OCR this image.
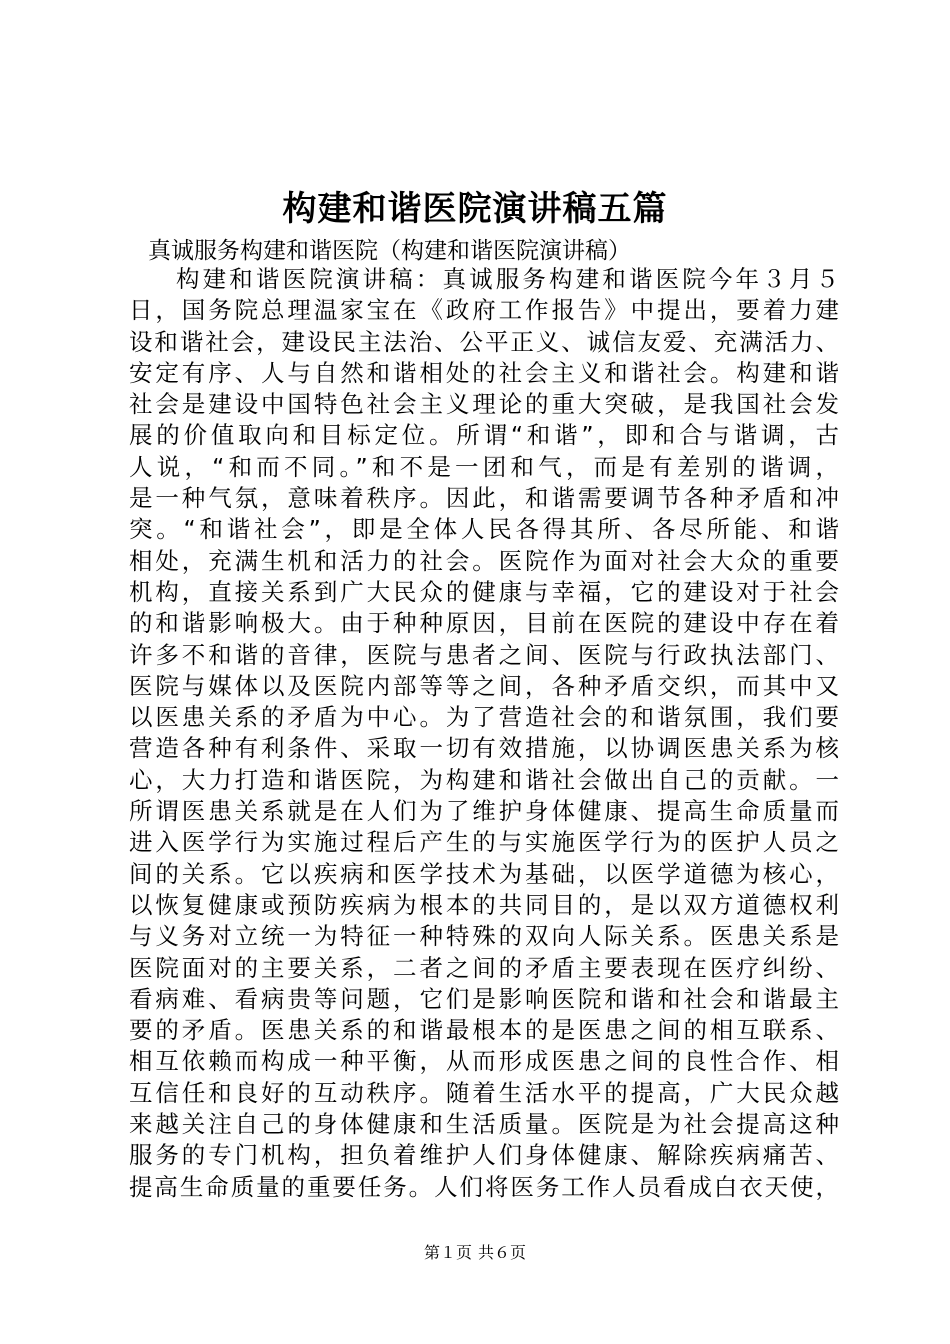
构建和谐医院演讲稿五篇
真诚服务构建和谐医院（构建和谐医院演讲稿）
构建和谐医院演讲稿：真诚服务构建和谐医院今年３月５
日，国务院总理温家宝在《政府工作报告》中提出，要着力建
设和谐社会，建设民主法治、公平正义、诚信友爱、充满活力、
安定有序、人与自然和谐相处的社会主义和谐社会。构建和谐
社会是建设中国特色社会主义理论的重大突破，是我国社会发
展的价值取向和目标定位。所谓“和谐”，即和合与谐调，古
人说，“和而不同。”和不是一团和气，而是有差别的谐调，
是一种气氛，意味着秩序。因此，和谐需要调节各种矛盾和冲
突。“和谐社会”，即是全体人民各得其所、各尽所能、和谐
相处，充满生机和活力的社会。医院作为面对社会大众的重要
机构，直接关系到广大民众的健康与幸福，它的建设对于社会
的和谐影响极大。由于种种原因，目前在医院的建设中存在着
许多不和谐的音律，医院与患者之间、医院与行政执法部门、
医院与媒体以及医院内部等等之间，各种矛盾交织，而其中又
以医患关系的矛盾为中心。为了营造社会的和谐氛围，我们要
营造各种有利条件、采取一切有效措施，以协调医患关系为核
心，大力打造和谐医院，为构建和谐社会做出自己的贡献。一
所谓医患关系就是在人们为了维护身体健康、提高生命质量而
进入医学行为实施过程后产生的与实施医学行为的医护人员之
间的关系。它以疾病和医学技术为基础，以医学道德为核心，
以恢复健康或预防疾病为根本的共同目的，是以双方道德权利
与义务对立统一为特征一种特殊的双向人际关系。医患关系是
医院面对的主要关系，二者之间的矛盾主要表现在医疗纠纷、
看病难、看病贵等问题，它们是影响医院和谐和社会和谐最主
要的矛盾。医患关系的和谐最根本的是医患之间的相互联系、
相互依赖而构成一种平衡，从而形成医患之间的良性合作、相
互信任和良好的互动秩序。随着生活水平的提高，广大民众越
来越关注自己的身体健康和生活质量。医院是为社会提高这种
服务的专门机构，担负着维护人们身体健康、解除疾病痛苦、
提高生命质量的重要任务。人们将医务工作人员看成白衣天使，
第１页 共６页
